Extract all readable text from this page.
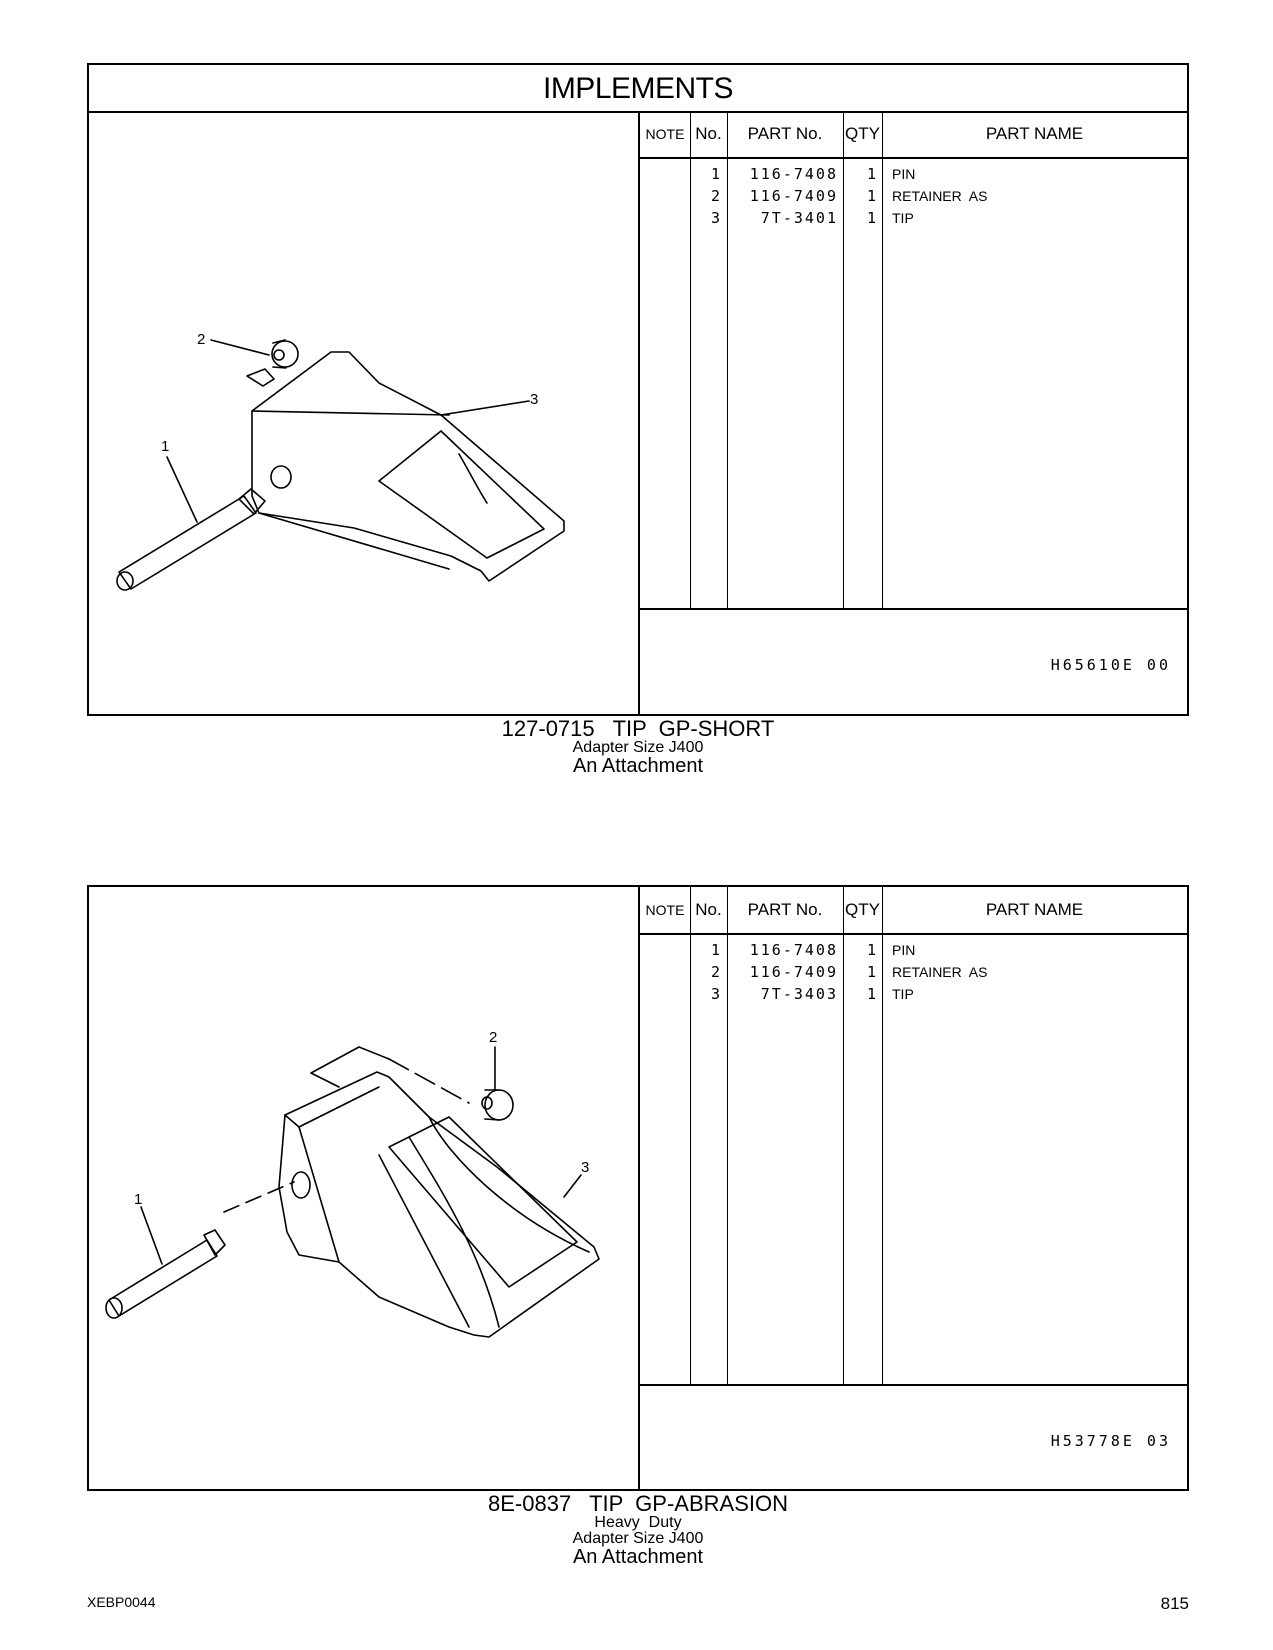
IMPLEMENTS
2
3
1
NOTE No.	PART No.	QTY	PART NAME
1	116-7408	1 PIN
2	116-7409	1 RETAINER  AS
3	7T-3401	1 TIP
H65610E 00
127-0715   TIP  GP-SHORT
Adapter Size J400
An Attachment
2
3
1
NOTE No.	PART No.	QTY	PART NAME
1	116-7408	1 PIN
2	116-7409	1 RETAINER  AS
3	7T-3403	1 TIP
H53778E 03
8E-0837   TIP  GP-ABRASION
Heavy  Duty
Adapter Size J400
An Attachment
XEBP0044	815
